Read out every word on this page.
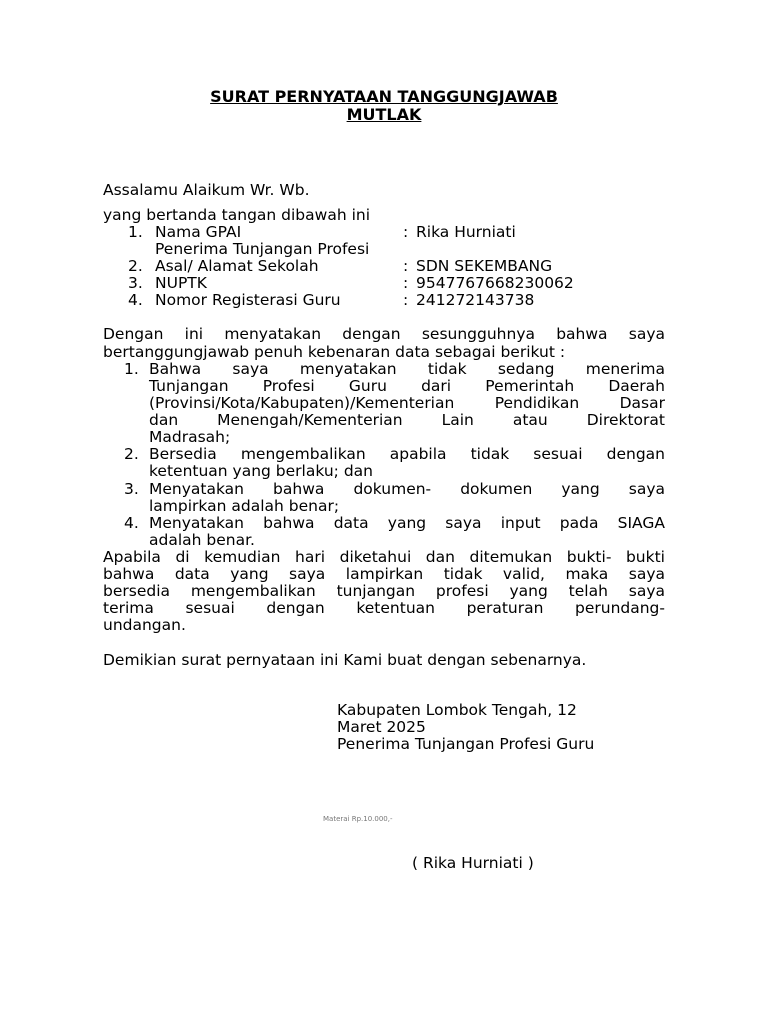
SURAT PERNYATAAN TANGGUNGJAWAB
MUTLAK

Assalamu Alaikum Wr. Wb.

yang bertanda tangan dibawah ini

1. Nama GPAI	: Rika Hurniati
Penerima Tunjangan Profesi
2. Asal/ Alamat Sekolah	: SDN SEKEMBANG
3. NUPTK	: 9547767668230062
4. Nomor Registerasi Guru	: 241272143738

Dengan ini menyatakan dengan sesungguhnya bahwa saya

bertanggungjawab penuh kebenaran data sebagai berikut :

1. Bahwa saya menyatakan tidak sedang menerima

Tunjangan Profesi Guru dari Pemerintah Daerah

(Provinsi/Kota/Kabupaten)/Kementerian Pendidikan Dasar

dan Menengah/Kementerian Lain atau Direktorat

Madrasah;

2. Bersedia mengembalikan apabila tidak sesuai dengan

ketentuan yang berlaku; dan

3. Menyatakan bahwa dokumen- dokumen yang saya

lampirkan adalah benar;

4. Menyatakan bahwa data yang saya input pada SIAGA

adalah benar.

Apabila di kemudian hari diketahui dan ditemukan bukti- bukti

bahwa data yang saya lampirkan tidak valid, maka saya

bersedia mengembalikan tunjangan profesi yang telah saya

terima sesuai dengan ketentuan peraturan perundang-

undangan.

Demikian surat pernyataan ini Kami buat dengan sebenarnya.

Kabupaten Lombok Tengah, 12
Maret 2025
Penerima Tunjangan Profesi Guru
Materai Rp.10.000,-
( Rika Hurniati )
